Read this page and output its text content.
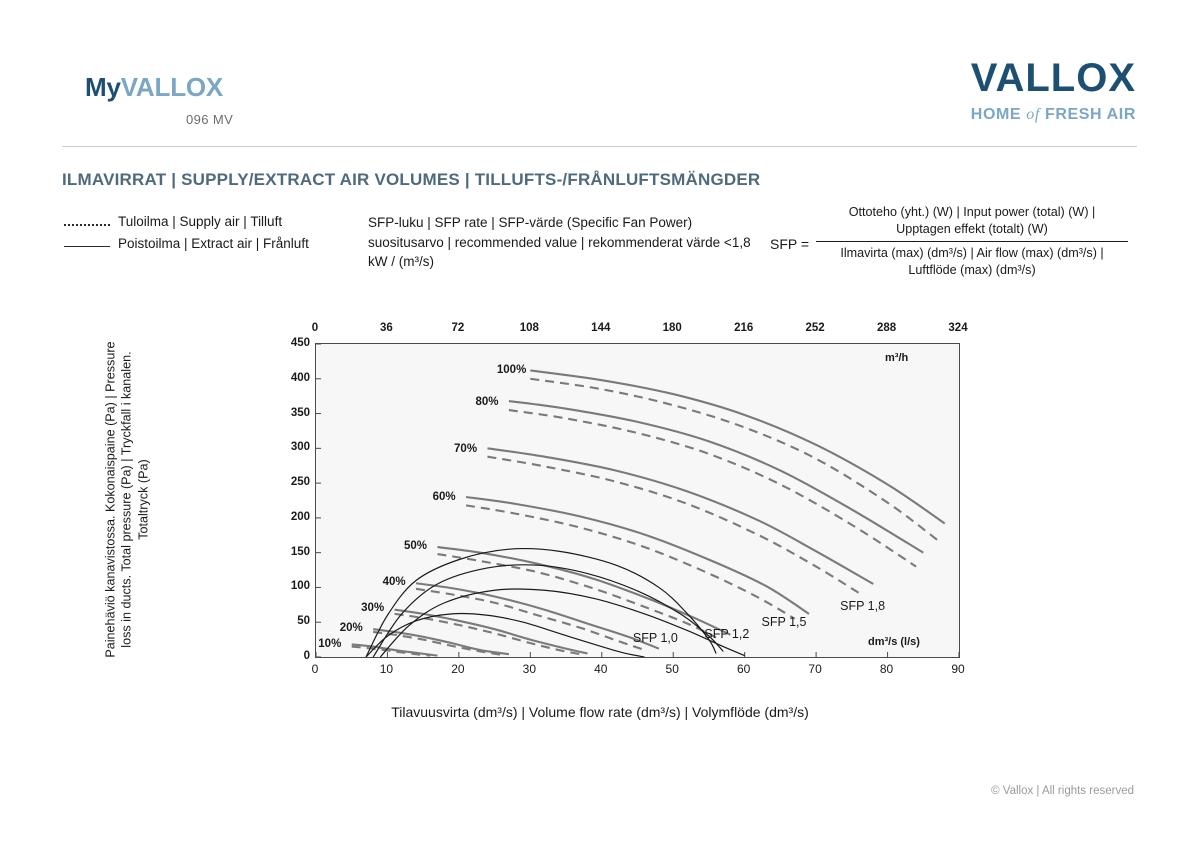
MyVALLOX
096 MV
VALLOX
HOME of FRESH AIR
ILMAVIRRAT | SUPPLY/EXTRACT AIR VOLUMES | TILLUFTS-/FRÅNLUFTSMÄNGDER
Tuloilma | Supply air | Tilluft
Poistoilma | Extract air | Frånluft
SFP-luku | SFP rate | SFP-värde (Specific Fan Power) suositusarvo | recommended value | rekommenderat värde <1,8 kW / (m³/s)
SFP =
Ottoteho (yht.) (W) | Input power (total) (W) |
Upptagen effekt (totalt) (W)
Ilmavirta (max) (dm³/s) | Air flow (max) (dm³/s) |
Luftflöde (max) (dm³/s)
0	36	72	108	144	180	216	252	288	324
0
50
100
150
200
250
300
350
400
450
Painehäviö kanavistossa. Kokonaispaine (Pa) | Pressure loss in ducts. Total pressure (Pa) | Tryckfall i kanalen. Totaltryck (Pa)
m³/h
dm³/s (l/s)
0	10	20	30	40	50	60	70	80	90
100%
80%
70%
60%
50%
40%
30%
20%
10%	SFP 1,0 SFP 1,2
SFP 1,5
SFP 1,8
Tilavuusvirta (dm³/s) | Volume flow rate (dm³/s) | Volymflöde (dm³/s)
© Vallox | All rights reserved
